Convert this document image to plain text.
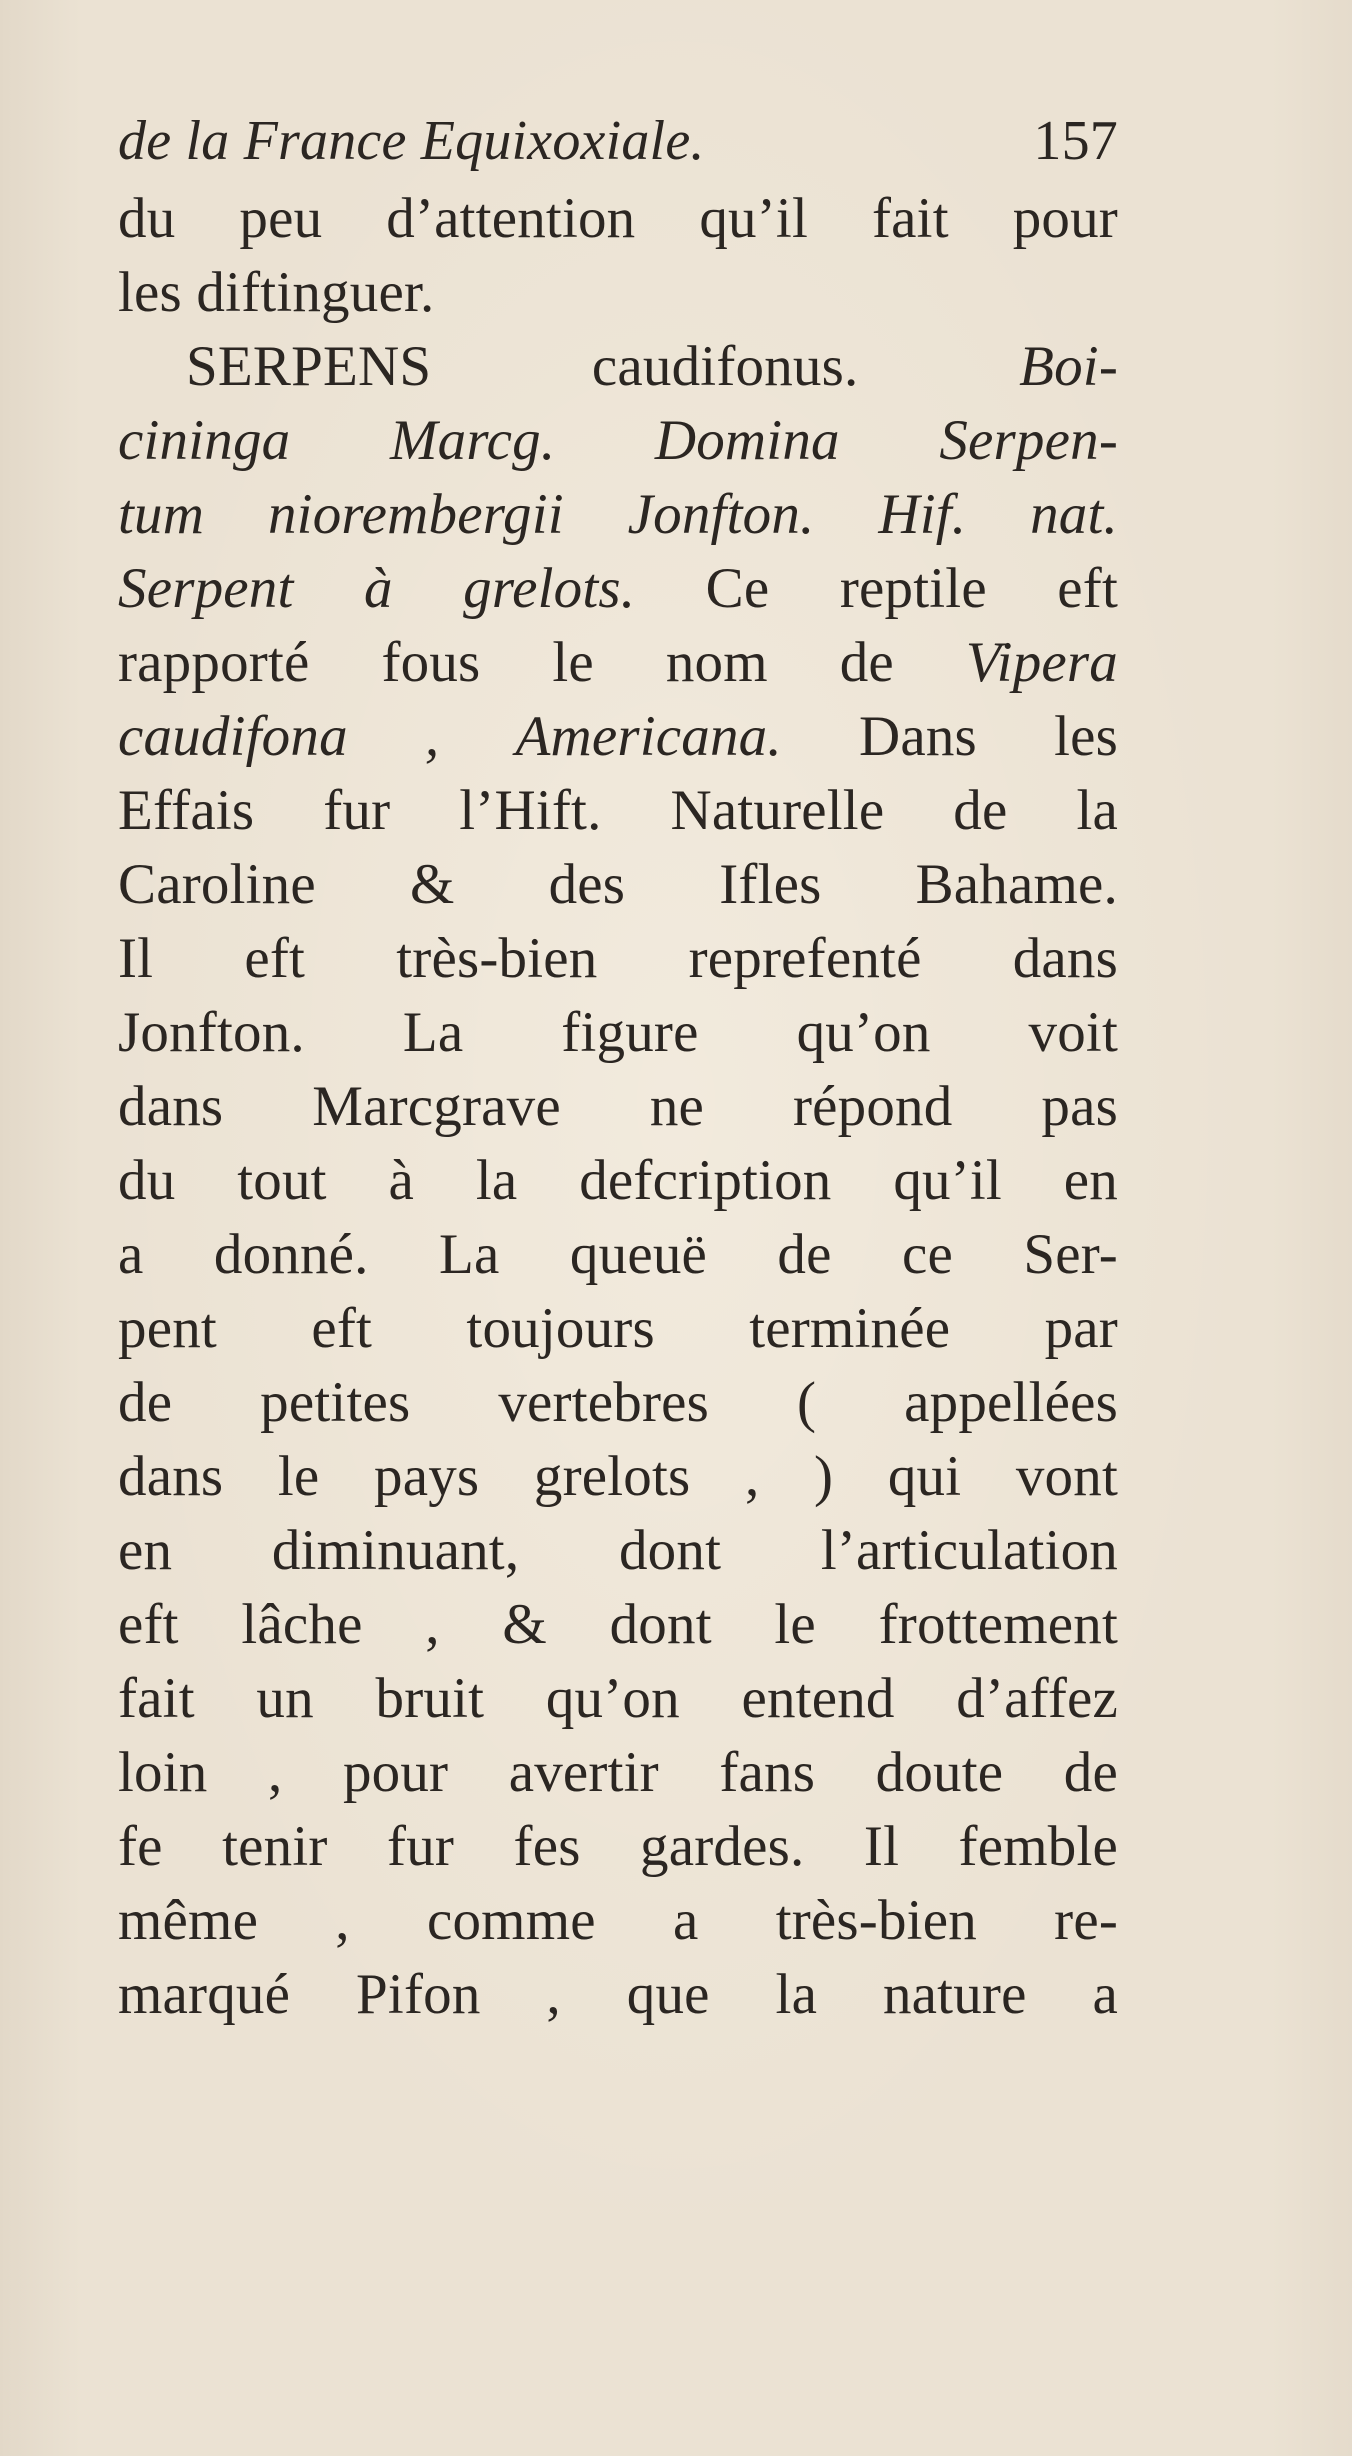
de la France Equixoxiale.	157
du peu d’attention qu’il fait pour
les diftinguer.
SERPENS caudifonus.	Boi-
cininga Marcg. Domina Serpen-
tum niorembergii Jonfton. Hif. nat.
Serpent à grelots. Ce reptile eft
rapporté fous le nom de Vipera
caudifona , Americana. Dans les
Effais fur l’Hift. Naturelle de la
Caroline & des Ifles Bahame.
Il eft très-bien reprefenté dans
Jonfton. La figure qu’on voit
dans Marcgrave ne répond pas
du tout à la defcription qu’il en
a donné. La queuë de ce Ser-
pent eft toujours terminée par
de petites vertebres ( appellées
dans le pays grelots , ) qui vont
en diminuant, dont l’articulation
eft lâche , & dont le frottement
fait un bruit qu’on entend d’affez
loin , pour avertir fans doute de
fe tenir fur fes gardes. Il femble
même , comme a très-bien re-
marqué Pifon , que la nature a
